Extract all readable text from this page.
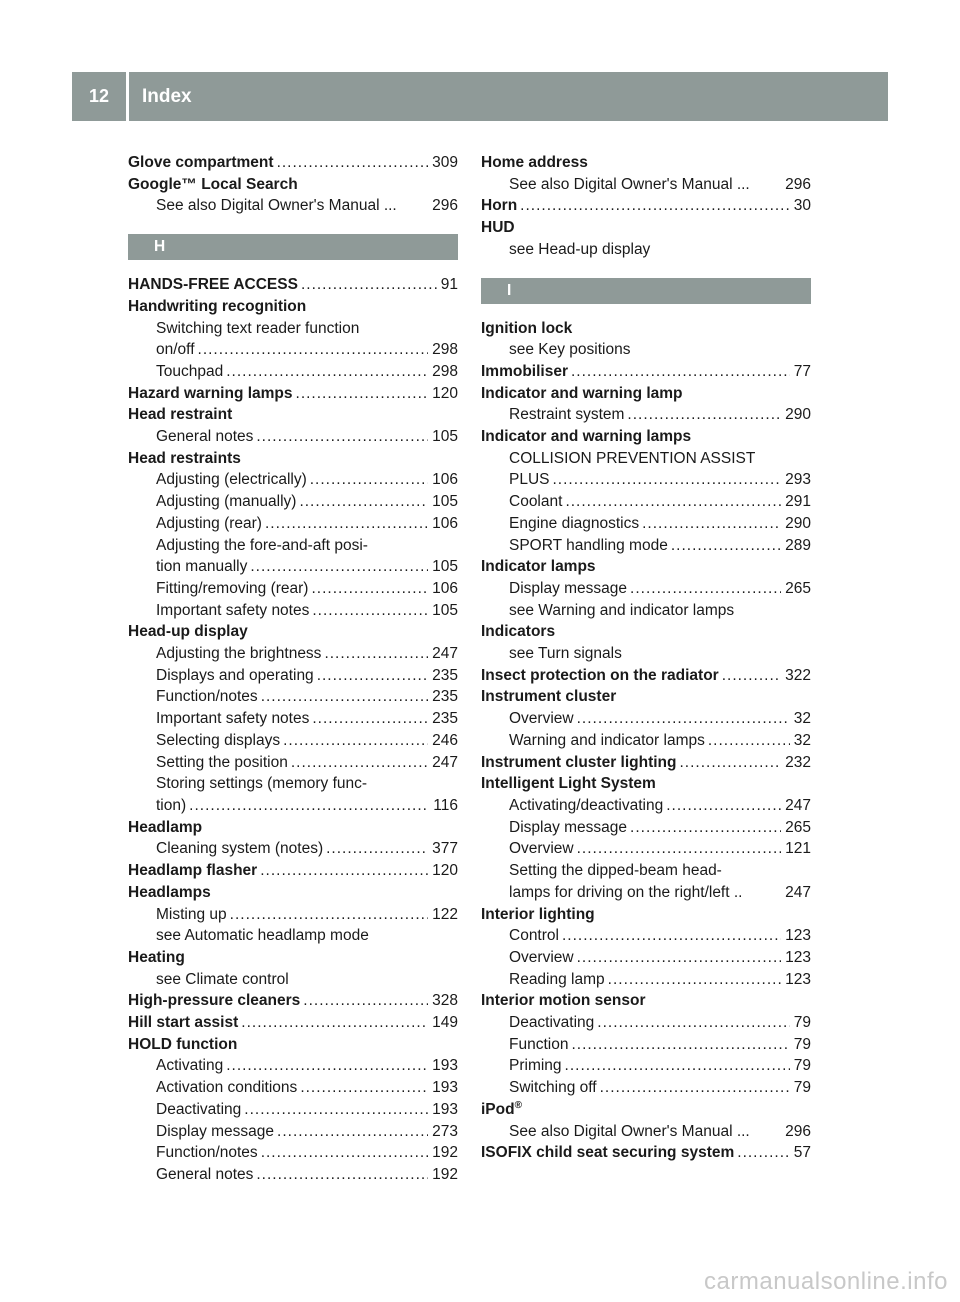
12	Index
Glove compartment .....	309
Google™ Local Search
See also Digital Owner's Manual ... 296
H
HANDS-FREE ACCESS .....	91
Handwriting recognition
Switching text reader function
on/off .....	298
Touchpad .....	298
Hazard warning lamps .....	120
Head restraint
General notes .....	105
Head restraints
Adjusting (electrically) .....	106
Adjusting (manually) .....	105
Adjusting (rear) .....	106
Adjusting the fore-and-aft posi-
tion manually .....	105
Fitting/removing (rear) .....	106
Important safety notes .....	105
Head-up display
Adjusting the brightness .....	247
Displays and operating .....	235
Function/notes .....	235
Important safety notes .....	235
Selecting displays .....	246
Setting the position .....	247
Storing settings (memory func-
tion) .....	116
Headlamp
Cleaning system (notes) .....	377
Headlamp flasher .....	120
Headlamps
Misting up .....	122
see Automatic headlamp mode
Heating
see Climate control
High-pressure cleaners .....	328
Hill start assist .....	149
HOLD function
Activating .....	193
Activation conditions .....	193
Deactivating .....	193
Display message .....	273
Function/notes .....	192
General notes .....	192
Home address
See also Digital Owner's Manual ... 296
Horn .....	30
HUD
see Head-up display
I
Ignition lock
see Key positions
Immobiliser .....	77
Indicator and warning lamp
Restraint system .....	290
Indicator and warning lamps
COLLISION PREVENTION ASSIST
PLUS .....	293
Coolant .....	291
Engine diagnostics .....	290
SPORT handling mode .....	289
Indicator lamps
Display message .....	265
see Warning and indicator lamps
Indicators
see Turn signals
Insect protection on the radiator .....	322
Instrument cluster
Overview .....	32
Warning and indicator lamps .....	32
Instrument cluster lighting .....	232
Intelligent Light System
Activating/deactivating .....	247
Display message .....	265
Overview .....	121
Setting the dipped-beam head-
lamps for driving on the right/left ..	247
Interior lighting
Control .....	123
Overview .....	123
Reading lamp .....	123
Interior motion sensor
Deactivating .....	79
Function .....	79
Priming .....	79
Switching off .....	79
iPod®
See also Digital Owner's Manual ... 296
ISOFIX child seat securing system .....	57
carmanualsonline.info
